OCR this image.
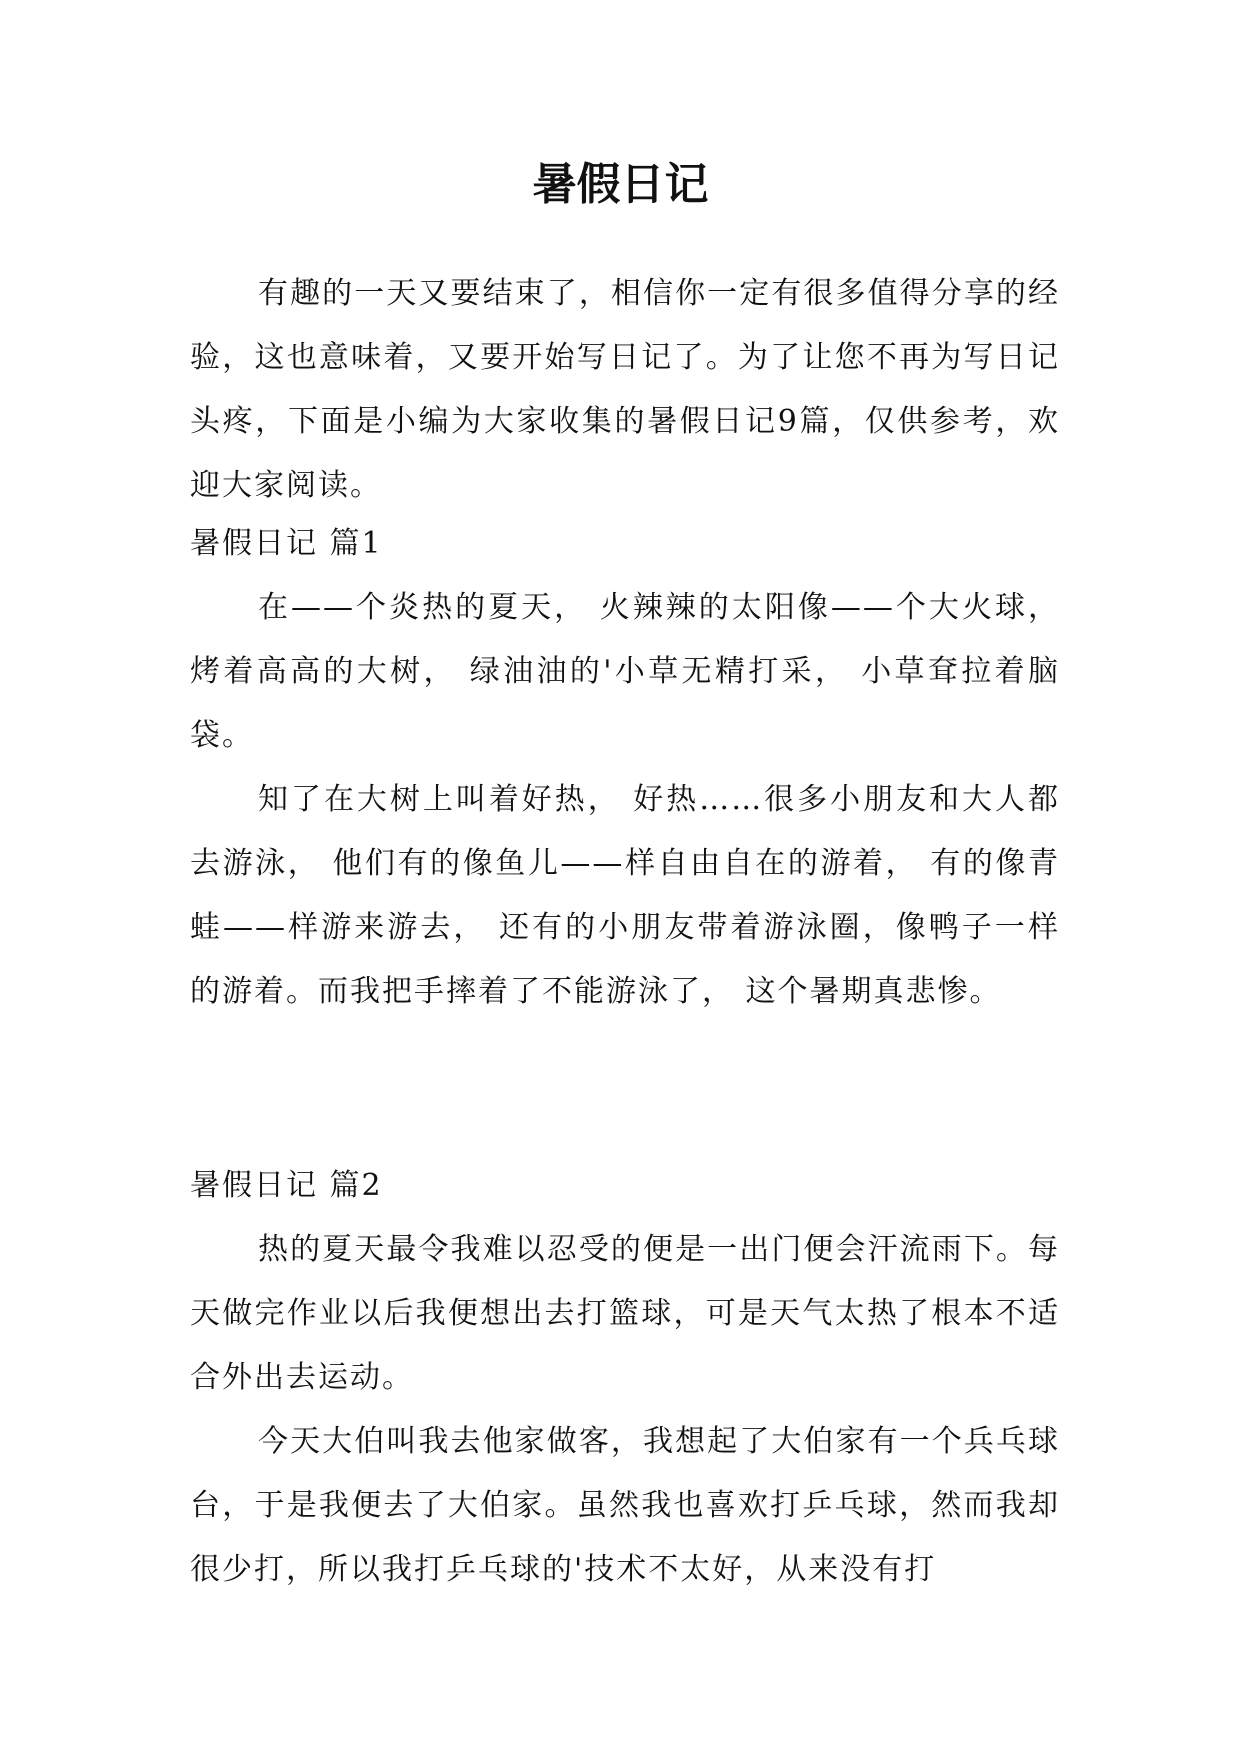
暑假日记

有趣的一天又要结束了，相信你一定有很多值得分享的经验，这也意味着，又要开始写日记了。为了让您不再为写日记头疼，下面是小编为大家收集的暑假日记9篇，仅供参考，欢迎大家阅读。

暑假日记 篇1

在——个炎热的夏天， 火辣辣的太阳像——个大火球，烤着高高的大树， 绿油油的'小草无精打采， 小草耷拉着脑袋。

知了在大树上叫着好热， 好热……很多小朋友和大人都去游泳， 他们有的像鱼儿——样自由自在的游着， 有的像青蛙——样游来游去， 还有的小朋友带着游泳圈，像鸭子一样的游着。而我把手摔着了不能游泳了， 这个暑期真悲惨。

暑假日记 篇2

热的夏天最令我难以忍受的便是一出门便会汗流雨下。每天做完作业以后我便想出去打篮球，可是天气太热了根本不适合外出去运动。

今天大伯叫我去他家做客，我想起了大伯家有一个兵乓球台，于是我便去了大伯家。虽然我也喜欢打乒乓球，然而我却很少打，所以我打乒乓球的'技术不太好，从来没有打
